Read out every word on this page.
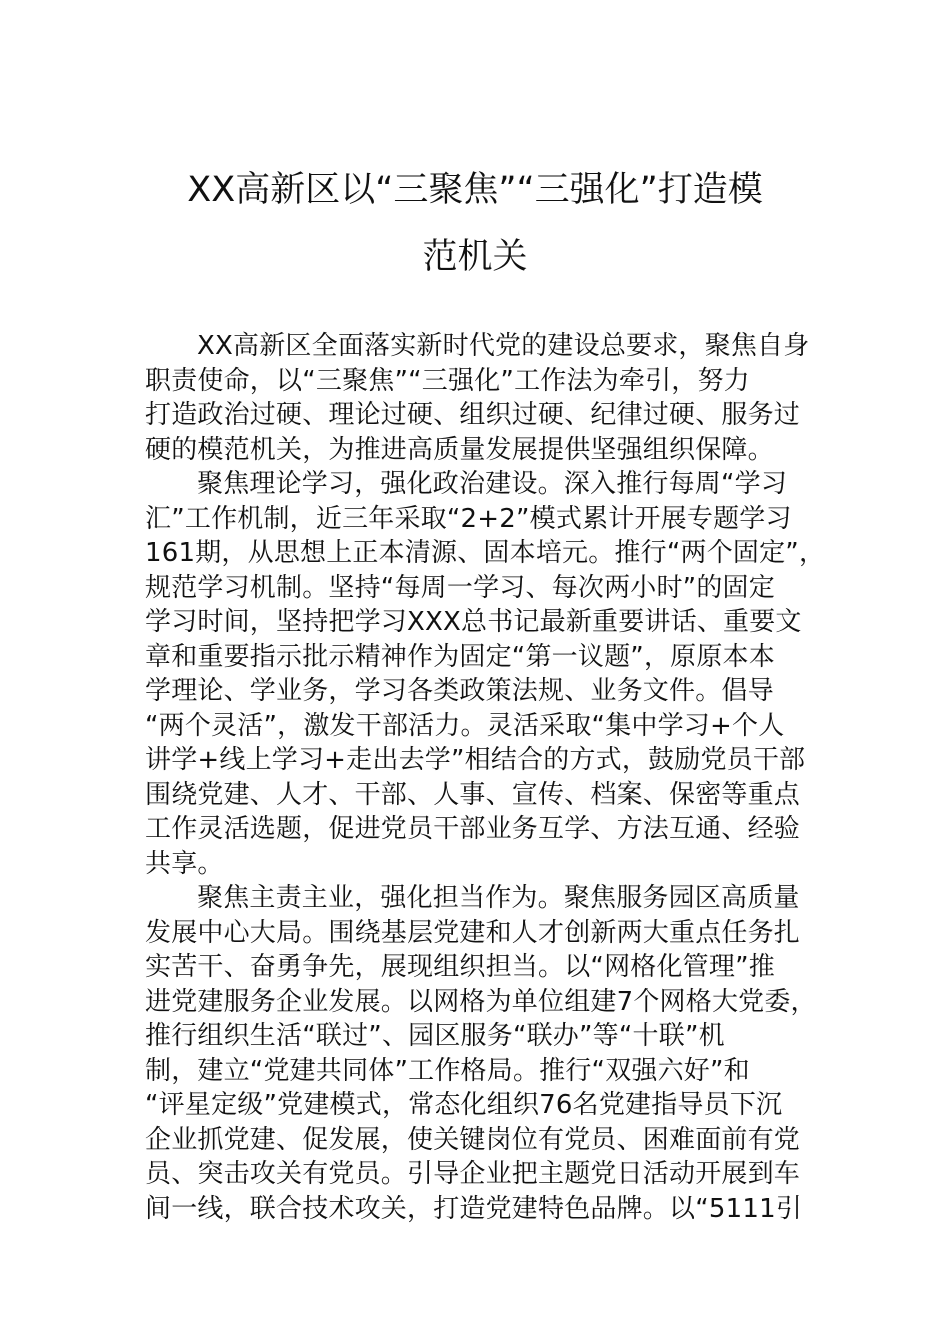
XX高新区以“三聚焦”“三强化”打造模
范机关
XX高新区全面落实新时代党的建设总要求，聚焦自身
职责使命，以“三聚焦”“三强化”工作法为牵引，努力
打造政治过硬、理论过硬、组织过硬、纪律过硬、服务过
硬的模范机关，为推进高质量发展提供坚强组织保障。
聚焦理论学习，强化政治建设。深入推行每周“学习
汇”工作机制，近三年采取“2+2”模式累计开展专题学习
161期，从思想上正本清源、固本培元。推行“两个固定”，
规范学习机制。坚持“每周一学习、每次两小时”的固定
学习时间，坚持把学习XXX总书记最新重要讲话、重要文
章和重要指示批示精神作为固定“第一议题”，原原本本
学理论、学业务，学习各类政策法规、业务文件。倡导
“两个灵活”，激发干部活力。灵活采取“集中学习+个人
讲学+线上学习+走出去学”相结合的方式，鼓励党员干部
围绕党建、人才、干部、人事、宣传、档案、保密等重点
工作灵活选题，促进党员干部业务互学、方法互通、经验
共享。
聚焦主责主业，强化担当作为。聚焦服务园区高质量
发展中心大局。围绕基层党建和人才创新两大重点任务扎
实苦干、奋勇争先，展现组织担当。以“网格化管理”推
进党建服务企业发展。以网格为单位组建7个网格大党委，
推行组织生活“联过”、园区服务“联办”等“十联”机
制，建立“党建共同体”工作格局。推行“双强六好”和
“评星定级”党建模式，常态化组织76名党建指导员下沉
企业抓党建、促发展，使关键岗位有党员、困难面前有党
员、突击攻关有党员。引导企业把主题党日活动开展到车
间一线，联合技术攻关，打造党建特色品牌。以“5111引
